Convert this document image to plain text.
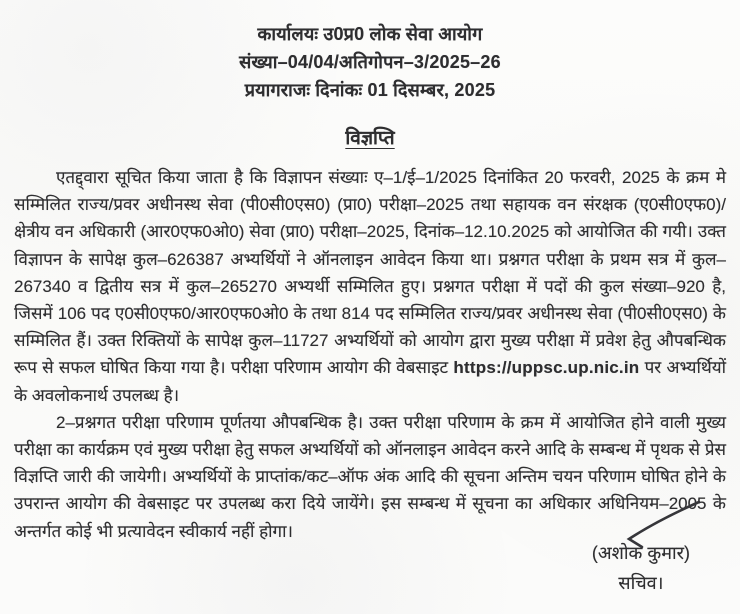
कार्यालयः उ0प्र0 लोक सेवा आयोग
संख्या–04/04/अतिगोपन–3/2025–26
प्रयागराजः दिनांकः 01 दिसम्बर, 2025
विज्ञप्ति

एतद्द्वारा सूचित किया जाता है कि विज्ञापन संख्याः ए–1/ई–1/2025 दिनांकित 20 फरवरी, 2025 के क्रम मे सम्मिलित राज्य/प्रवर अधीनस्थ सेवा (पी0सी0एस0) (प्रा0) परीक्षा–2025 तथा सहायक वन संरक्षक (ए0सी0एफ0)/क्षेत्रीय वन अधिकारी (आर0एफ0ओ0) सेवा (प्रा0) परीक्षा–2025, दिनांक–12.10.2025 को आयोजित की गयी। उक्त विज्ञापन के सापेक्ष कुल–626387 अभ्यर्थियों ने ऑनलाइन आवेदन किया था। प्रश्नगत परीक्षा के प्रथम सत्र में कुल–267340 व द्वितीय सत्र में कुल–265270 अभ्यर्थी सम्मिलित हुए। प्रश्नगत परीक्षा में पदों की कुल संख्या–920 है, जिसमें 106 पद ए0सी0एफ0/आर0एफ0ओ0 के तथा 814 पद सम्मिलित राज्य/प्रवर अधीनस्थ सेवा (पी0सी0एस0) के सम्मिलित हैं। उक्त रिक्तियों के सापेक्ष कुल–11727 अभ्यर्थियों को आयोग द्वारा मुख्य परीक्षा में प्रवेश हेतु औपबन्धिक रूप से सफल घोषित किया गया है। परीक्षा परिणाम आयोग की वेबसाइट https://uppsc.up.nic.in पर अभ्यर्थियों के अवलोकनार्थ उपलब्ध है।

2–प्रश्नगत परीक्षा परिणाम पूर्णतया औपबन्धिक है। उक्त परीक्षा परिणाम के क्रम में आयोजित होने वाली मुख्य परीक्षा का कार्यक्रम एवं मुख्य परीक्षा हेतु सफल अभ्यर्थियों को ऑनलाइन आवेदन करने आदि के सम्बन्ध में पृथक से प्रेस विज्ञप्ति जारी की जायेगी। अभ्यर्थियों के प्राप्तांक/कट–ऑफ अंक आदि की सूचना अन्तिम चयन परिणाम घोषित होने के उपरान्त आयोग की वेबसाइट पर उपलब्ध करा दिये जायेंगे। इस सम्बन्ध में सूचना का अधिकार अधिनियम–2005 के अन्तर्गत कोई भी प्रत्यावेदन स्वीकार्य नहीं होगा।

(अशोक कुमार)
सचिव।
